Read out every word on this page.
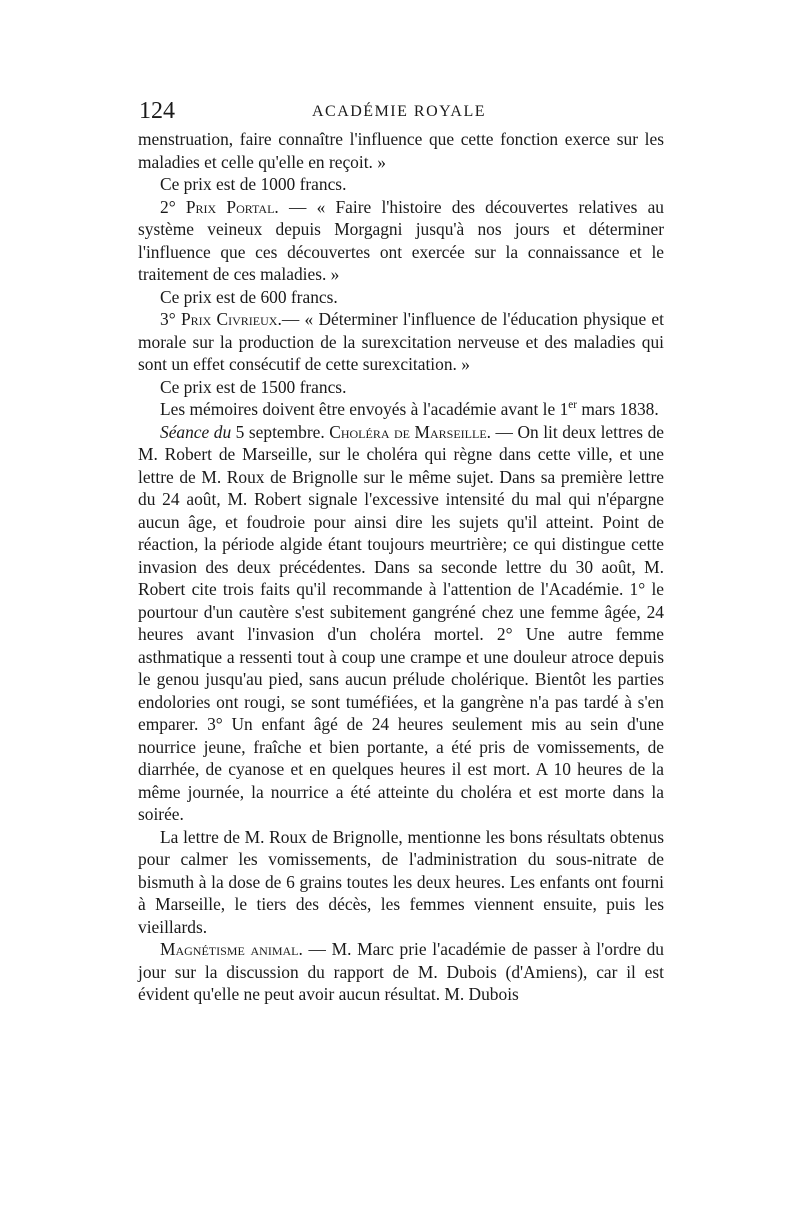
124	ACADÉMIE ROYALE

menstruation, faire connaître l'influence que cette fonction exerce sur les maladies et celle qu'elle en reçoit. »

Ce prix est de 1000 francs.

2° Prix Portal. — « Faire l'histoire des découvertes relatives au système veineux depuis Morgagni jusqu'à nos jours et déterminer l'influence que ces découvertes ont exercée sur la connaissance et le traitement de ces maladies. »

Ce prix est de 600 francs.

3° Prix Civrieux.— « Déterminer l'influence de l'éducation physique et morale sur la production de la surexcitation nerveuse et des maladies qui sont un effet consécutif de cette surexcitation. »

Ce prix est de 1500 francs.

Les mémoires doivent être envoyés à l'académie avant le 1er mars 1838.

Séance du 5 septembre. Choléra de Marseille. — On lit deux lettres de M. Robert de Marseille, sur le choléra qui règne dans cette ville, et une lettre de M. Roux de Brignolle sur le même sujet. Dans sa première lettre du 24 août, M. Robert signale l'excessive intensité du mal qui n'épargne aucun âge, et foudroie pour ainsi dire les sujets qu'il atteint. Point de réaction, la période algide étant toujours meurtrière; ce qui distingue cette invasion des deux précédentes. Dans sa seconde lettre du 30 août, M. Robert cite trois faits qu'il recommande à l'attention de l'Académie. 1° le pourtour d'un cautère s'est subitement gangréné chez une femme âgée, 24 heures avant l'invasion d'un choléra mortel. 2° Une autre femme asthmatique a ressenti tout à coup une crampe et une douleur atroce depuis le genou jusqu'au pied, sans aucun prélude cholérique. Bientôt les parties endolories ont rougi, se sont tuméfiées, et la gangrène n'a pas tardé à s'en emparer. 3° Un enfant âgé de 24 heures seulement mis au sein d'une nourrice jeune, fraîche et bien portante, a été pris de vomissements, de diarrhée, de cyanose et en quelques heures il est mort. A 10 heures de la même journée, la nourrice a été atteinte du choléra et est morte dans la soirée.

La lettre de M. Roux de Brignolle, mentionne les bons résultats obtenus pour calmer les vomissements, de l'administration du sous-nitrate de bismuth à la dose de 6 grains toutes les deux heures. Les enfants ont fourni à Marseille, le tiers des décès, les femmes viennent ensuite, puis les vieillards.

Magnétisme animal. — M. Marc prie l'académie de passer à l'ordre du jour sur la discussion du rapport de M. Dubois (d'Amiens), car il est évident qu'elle ne peut avoir aucun résultat. M. Dubois
